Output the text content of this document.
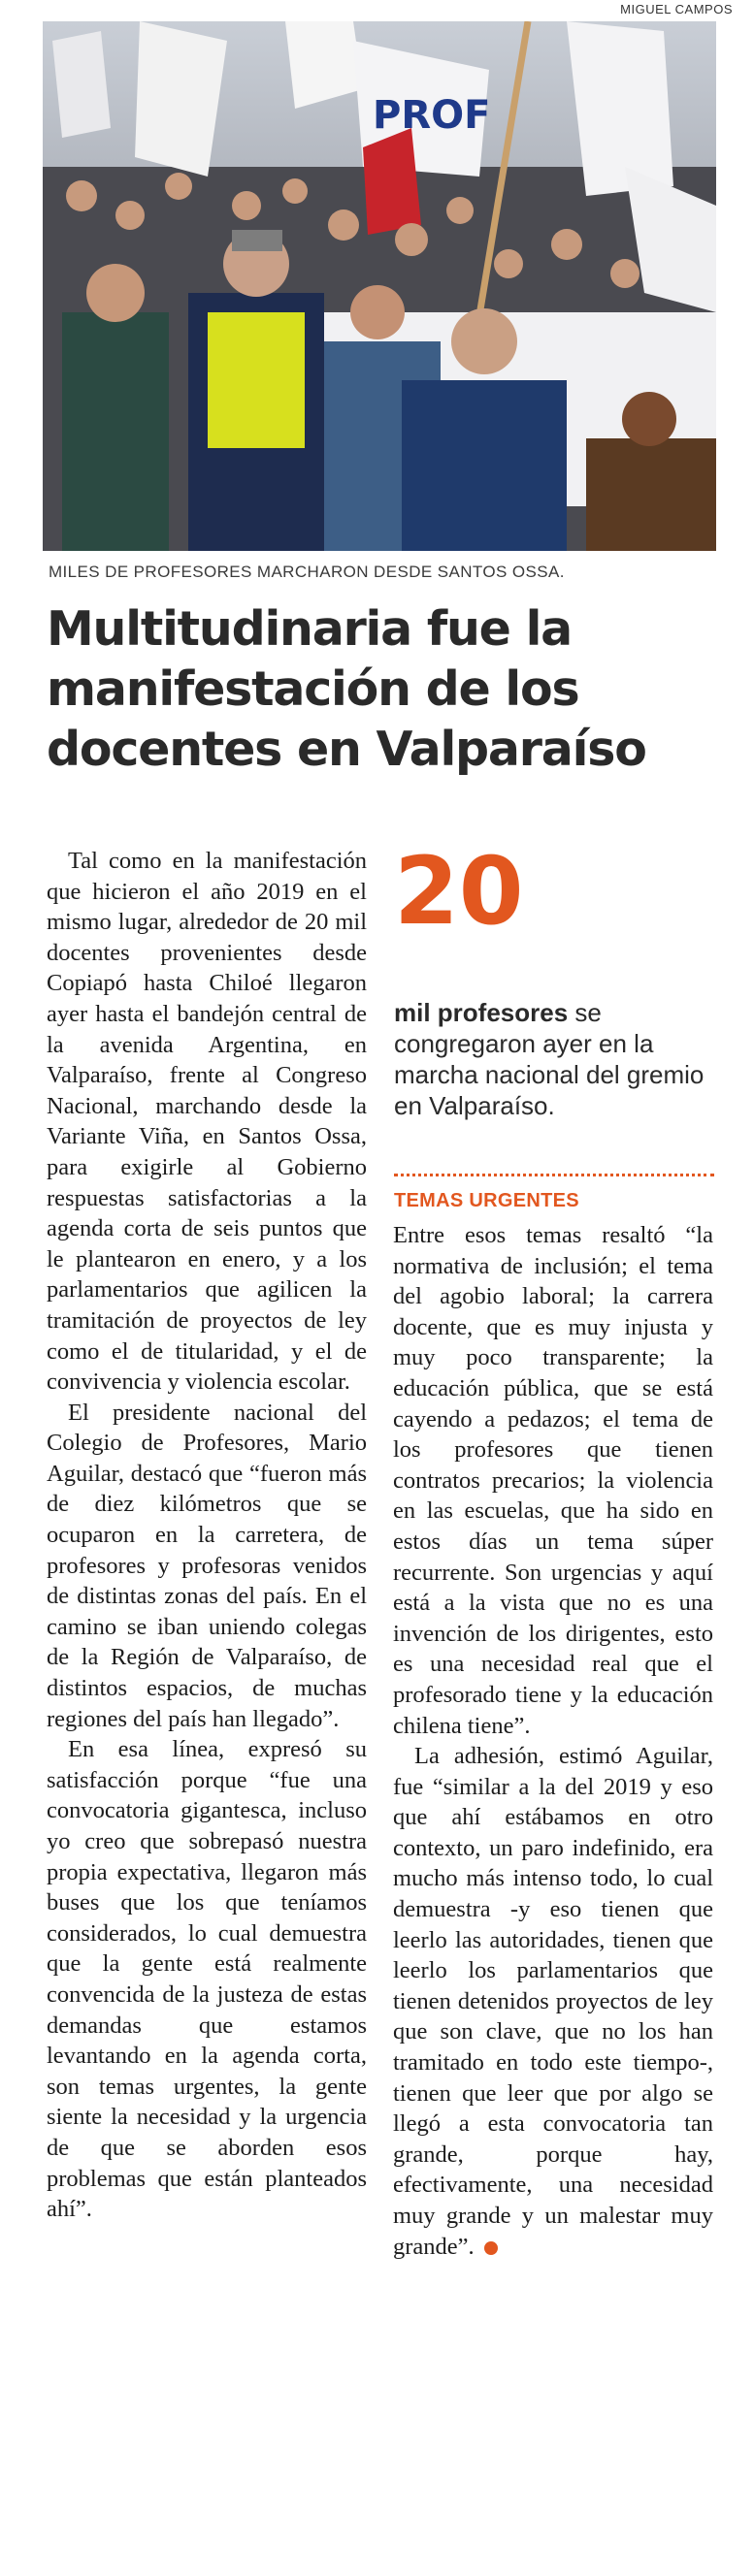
MIGUEL CAMPOS
PROF
MILES DE PROFESORES MARCHARON DESDE SANTOS OSSA.
Multitudinaria fue la manifestación de los docentes en Valparaíso

Tal como en la manifestación que hicieron el año 2019 en el mismo lugar, alrededor de 20 mil docentes provenientes desde Copiapó hasta Chiloé llegaron ayer hasta el bandejón central de la avenida Argentina, en Valparaíso, frente al Congreso Nacional, marchando desde la Variante Viña, en Santos Ossa, para exigirle al Gobierno respuestas satisfactorias a la agenda corta de seis puntos que le plantearon en enero, y a los parlamentarios que agilicen la tramitación de proyectos de ley como el de titularidad, y el de convivencia y violencia escolar.

El presidente nacional del Colegio de Profesores, Mario Aguilar, destacó que “fueron más de diez kilómetros que se ocuparon en la carretera, de profesores y profesoras venidos de distintas zonas del país. En el camino se iban uniendo colegas de la Región de Valparaíso, de distintos espacios, de muchas regiones del país han llegado”.

En esa línea, expresó su satisfacción porque “fue una convocatoria gigantesca, incluso yo creo que sobrepasó nuestra propia expectativa, llegaron más buses que los que teníamos considerados, lo cual demuestra que la gente está realmente convencida de la justeza de estas demandas que estamos levantando en la agenda corta, son temas urgentes, la gente siente la necesidad y la urgencia de que se aborden esos problemas que están planteados ahí”.

20

mil profesores se congregaron ayer en la marcha nacional del gremio en Valparaíso.

TEMAS URGENTES

Entre esos temas resaltó “la normativa de inclusión; el tema del agobio laboral; la carrera docente, que es muy injusta y muy poco transparente; la educación pública, que se está cayendo a pedazos; el tema de los profesores que tienen contratos precarios; la violencia en las escuelas, que ha sido en estos días un tema súper recurrente. Son urgencias y aquí está a la vista que no es una invención de los dirigentes, esto es una necesidad real que el profesorado tiene y la educación chilena tiene”.

La adhesión, estimó Aguilar, fue “similar a la del 2019 y eso que ahí estábamos en otro contexto, un paro indefinido, era mucho más intenso todo, lo cual demuestra -y eso tienen que leerlo las autoridades, tienen que leerlo los parlamentarios que tienen detenidos proyectos de ley que son clave, que no los han tramitado en todo este tiempo-, tienen que leer que por algo se llegó a esta convocatoria tan grande, porque hay, efectivamente, una necesidad muy grande y un malestar muy grande”.
